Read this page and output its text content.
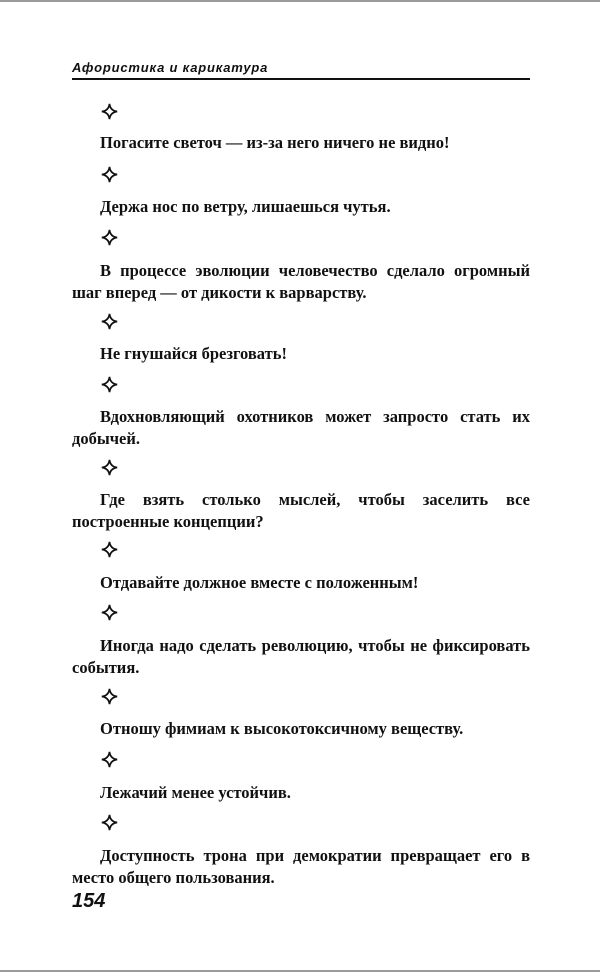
Афористика и карикатура
Погасите светоч — из-за него ничего не видно!
Держа нос по ветру, лишаешься чутья.
В процессе эволюции человечество сделало огромный шаг вперед — от дикости к варварству.
Не гнушайся брезговать!
Вдохновляющий охотников может запросто стать их добычей.
Где взять столько мыслей, чтобы заселить все построенные концепции?
Отдавайте должное вместе с положенным!
Иногда надо сделать революцию, чтобы не фиксировать события.
Отношу фимиам к высокотоксичному веществу.
Лежачий менее устойчив.
Доступность трона при демократии превращает его в место общего пользования.
154
